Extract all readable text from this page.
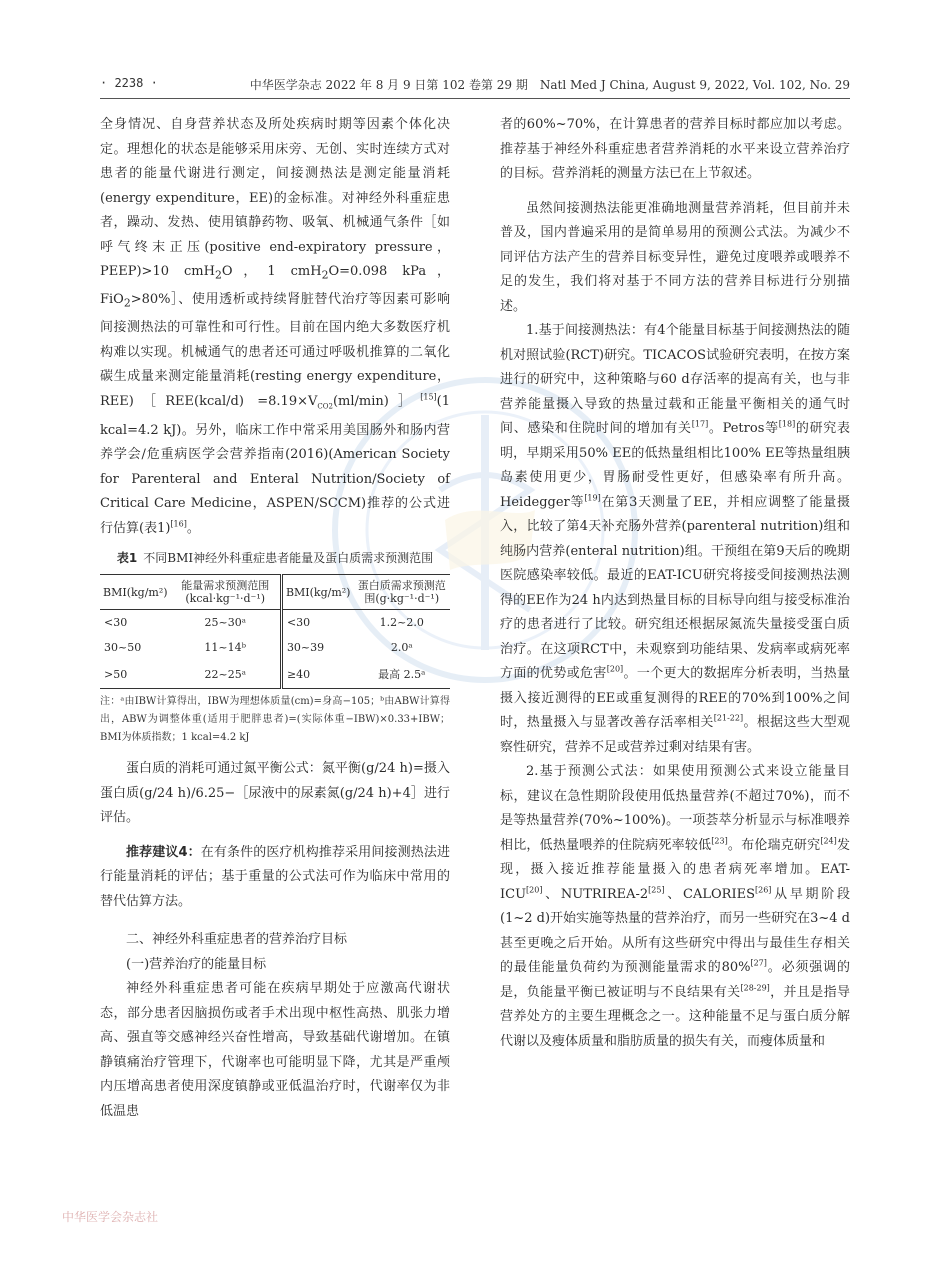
· 2238 ·	中华医学杂志 2022 年 8 月 9 日第 102 卷第 29 期　Natl Med J China, August 9, 2022, Vol. 102, No. 29

全身情况、自身营养状态及所处疾病时期等因素个体化决定。理想化的状态是能够采用床旁、无创、实时连续方式对患者的能量代谢进行测定，间接测热法是测定能量消耗(energy expenditure，EE)的金标准。对神经外科重症患者，躁动、发热、使用镇静药物、吸氧、机械通气条件［如呼气终末正压(positive end-expiratory pressure，PEEP)>10 cmH$_2$O，1 cmH$_2$O=0.098 kPa，FiO$_2$>80%］、使用透析或持续肾脏替代治疗等因素可影响间接测热法的可靠性和可行性。目前在国内绝大多数医疗机构难以实现。机械通气的患者还可通过呼吸机推算的二氧化碳生成量来测定能量消耗(resting energy expenditure，REE)［REE(kcal/d) $=8.19\times V_{CO2}(ml/\min)][15](1$ kcal=4.2 kJ)。另外，临床工作中常采用美国肠外和肠内营养学会/危重病医学会营养指南(2016)(American Society for Parenteral and Enteral Nutrition/Society of Critical Care Medicine，ASPEN/SCCM)推荐的公式进行估算(表1)[16]。

表1 不同BMI神经外科重症患者能量及蛋白质需求预测范围
BMI(kg/m²)	能量需求预测范围(kcal·kg⁻¹·d⁻¹)	BMI(kg/m²)	蛋白质需求预测范围(g·kg⁻¹·d⁻¹)
<30	25~30ᵃ	<30	1.2~2.0
30~50	11~14ᵇ	30~39	2.0ᵃ
>50	22~25ᵃ	≥40	最高 2.5ᵃ
注：ᵃ由IBW计算得出，IBW为理想体质量(cm)=身高−105；ᵇ由ABW计算得出，ABW为调整体重(适用于肥胖患者)=(实际体重−IBW)×0.33+IBW；BMI为体质指数；1 kcal=4.2 kJ

蛋白质的消耗可通过氮平衡公式：氮平衡(g/24 h)=摄入蛋白质(g/24 h)/6.25−［尿液中的尿素氮(g/24 h)+4］进行评估。

推荐建议4：在有条件的医疗机构推荐采用间接测热法进行能量消耗的评估；基于重量的公式法可作为临床中常用的替代估算方法。

二、神经外科重症患者的营养治疗目标

(一)营养治疗的能量目标

神经外科重症患者可能在疾病早期处于应激高代谢状态，部分患者因脑损伤或者手术出现中枢性高热、肌张力增高、强直等交感神经兴奋性增高，导致基础代谢增加。在镇静镇痛治疗管理下，代谢率也可能明显下降，尤其是严重颅内压增高患者使用深度镇静或亚低温治疗时，代谢率仅为非低温患

者的60%~70%，在计算患者的营养目标时都应加以考虑。推荐基于神经外科重症患者营养消耗的水平来设立营养治疗的目标。营养消耗的测量方法已在上节叙述。

虽然间接测热法能更准确地测量营养消耗，但目前并未普及，国内普遍采用的是简单易用的预测公式法。为减少不同评估方法产生的营养目标变异性，避免过度喂养或喂养不足的发生，我们将对基于不同方法的营养目标进行分别描述。

1.基于间接测热法：有4个能量目标基于间接测热法的随机对照试验(RCT)研究。TICACOS试验研究表明，在按方案进行的研究中，这种策略与60 d存活率的提高有关，也与非营养能量摄入导致的热量过载和正能量平衡相关的通气时间、感染和住院时间的增加有关[17]。Petros等[18]的研究表明，早期采用50% EE的低热量组相比100% EE等热量组胰岛素使用更少，胃肠耐受性更好，但感染率有所升高。Heidegger等[19]在第3天测量了EE，并相应调整了能量摄入，比较了第4天补充肠外营养(parenteral nutrition)组和纯肠内营养(enteral nutrition)组。干预组在第9天后的晚期医院感染率较低。最近的EAT-ICU研究将接受间接测热法测得的EE作为24 h内达到热量目标的目标导向组与接受标准治疗的患者进行了比较。研究组还根据尿氮流失量接受蛋白质治疗。在这项RCT中，未观察到功能结果、发病率或病死率方面的优势或危害[20]。一个更大的数据库分析表明，当热量摄入接近测得的EE或重复测得的REE的70%到100%之间时，热量摄入与显著改善存活率相关[21-22]。根据这些大型观察性研究，营养不足或营养过剩对结果有害。

2.基于预测公式法：如果使用预测公式来设立能量目标，建议在急性期阶段使用低热量营养(不超过70%)，而不是等热量营养(70%~100%)。一项荟萃分析显示与标准喂养相比，低热量喂养的住院病死率较低[23]。布伦瑞克研究[24]发现，摄入接近推荐能量摄入的患者病死率增加。EAT-ICU[20]、NUTRIREA-2[25]、CALORIES[26]从早期阶段(1~2 d)开始实施等热量的营养治疗，而另一些研究在3~4 d甚至更晚之后开始。从所有这些研究中得出与最佳生存相关的最佳能量负荷约为预测能量需求的80%[27]。必须强调的是，负能量平衡已被证明与不良结果有关[28-29]，并且是指导营养处方的主要生理概念之一。这种能量不足与蛋白质分解代谢以及瘦体质量和脂肪质量的损失有关，而瘦体质量和

中华医学会杂志社
